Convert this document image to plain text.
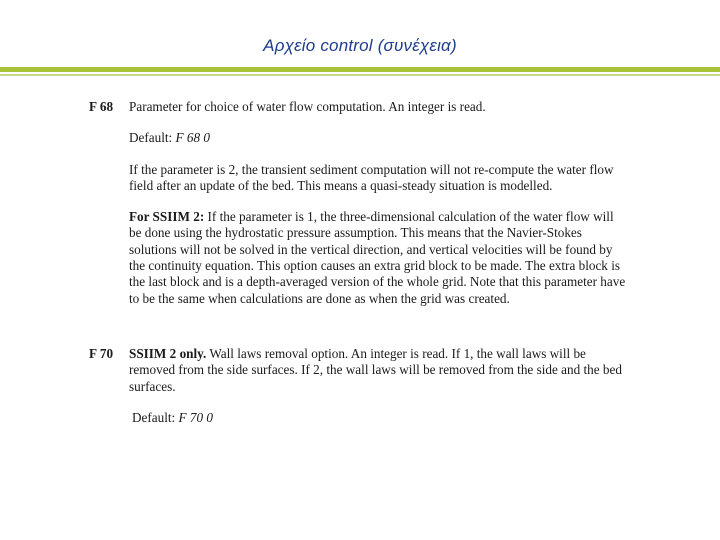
Αρχείο control (συνέχεια)
F 68 Parameter for choice of water flow computation. An integer is read.

Default: F 68 0

If the parameter is 2, the transient sediment computation will not re-compute the water flow field after an update of the bed. This means a quasi-steady situation is modelled.

For SSIIM 2: If the parameter is 1, the three-dimensional calculation of the water flow will be done using the hydrostatic pressure assumption. This means that the Navier-Stokes solutions will not be solved in the vertical direction, and vertical velocities will be found by the continuity equation. This option causes an extra grid block to be made. The extra block is the last block and is a depth-averaged version of the whole grid. Note that this parameter have to be the same when calculations are done as when the grid was created.

F 70 SSIIM 2 only. Wall laws removal option. An integer is read. If 1, the wall laws will be removed from the side surfaces. If 2, the wall laws will be removed from the side and the bed surfaces.

Default: F 70 0
